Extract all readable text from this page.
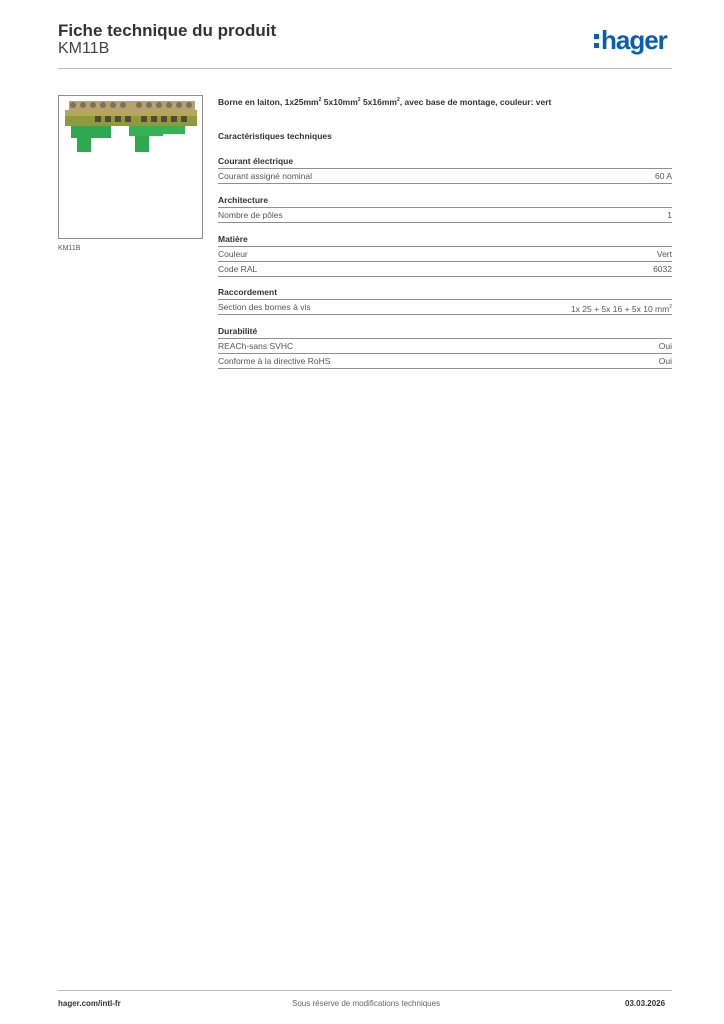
Fiche technique du produit
KM11B	hager
KM11B
Borne en laiton, $1x25mm^2$ $5x10mm^2$ $5x16mm^2$, avec base de montage, couleur: vert
Caractéristiques techniques
Courant électrique
Courant assigné nominal	60 A
Architecture
Nombre de pôles	1
Matière
Couleur	Vert
Code RAL	6032
Raccordement
Section des bornes à vis	1x 25 + 5x 16 + 5x 10 $mm^2$
Durabilité
REACh-sans SVHC	Oui
Conforme à la directive RoHS	Oui
hager.com/intl-fr	Sous réserve de modifications techniques	03.03.2026
